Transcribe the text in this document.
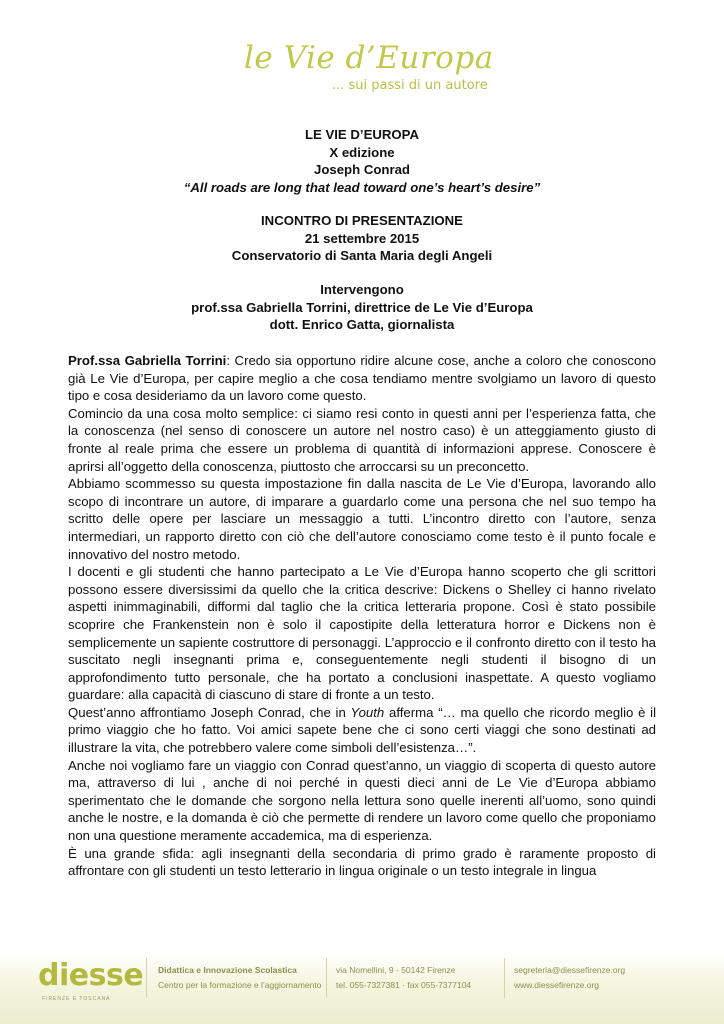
le Vie d’Europa
... sui passi di un autore
LE VIE D’EUROPA
X edizione
Joseph Conrad
“All roads are long that lead toward one’s heart’s desire”
INCONTRO DI PRESENTAZIONE
21 settembre 2015
Conservatorio di Santa Maria degli Angeli
Intervengono
prof.ssa Gabriella Torrini, direttrice de Le Vie d’Europa
dott. Enrico Gatta, giornalista

Prof.ssa Gabriella Torrini: Credo sia opportuno ridire alcune cose, anche a coloro che conoscono già Le Vie d’Europa, per capire meglio a che cosa tendiamo mentre svolgiamo un lavoro di questo tipo e cosa desideriamo da un lavoro come questo.

Comincio da una cosa molto semplice: ci siamo resi conto in questi anni per l’esperienza fatta, che la conoscenza (nel senso di conoscere un autore nel nostro caso) è un atteggiamento giusto di fronte al reale prima che essere un problema di quantità di informazioni apprese. Conoscere è aprirsi all’oggetto della conoscenza, piuttosto che arroccarsi su un preconcetto.

Abbiamo scommesso su questa impostazione fin dalla nascita de Le Vie d’Europa, lavorando allo scopo di incontrare un autore, di imparare a guardarlo come una persona che nel suo tempo ha scritto delle opere per lasciare un messaggio a tutti. L’incontro diretto con l’autore, senza intermediari, un rapporto diretto con ciò che dell’autore conosciamo come testo è il punto focale e innovativo del nostro metodo.

I docenti e gli studenti che hanno partecipato a Le Vie d’Europa hanno scoperto che gli scrittori possono essere diversissimi da quello che la critica descrive: Dickens o Shelley ci hanno rivelato aspetti inimmaginabili, difformi dal taglio che la critica letteraria propone. Così è stato possibile scoprire che Frankenstein non è solo il capostipite della letteratura horror e Dickens non è semplicemente un sapiente costruttore di personaggi. L’approccio e il confronto diretto con il testo ha suscitato negli insegnanti prima e, conseguentemente negli studenti il bisogno di un approfondimento tutto personale, che ha portato a conclusioni inaspettate. A questo vogliamo guardare: alla capacità di ciascuno di stare di fronte a un testo.

Quest’anno affrontiamo Joseph Conrad, che in Youth afferma “… ma quello che ricordo meglio è il primo viaggio che ho fatto. Voi amici sapete bene che ci sono certi viaggi che sono destinati ad illustrare la vita, che potrebbero valere come simboli dell’esistenza…”.

Anche noi vogliamo fare un viaggio con Conrad quest’anno, un viaggio di scoperta di questo autore ma, attraverso di lui , anche di noi perché in questi dieci anni de Le Vie d’Europa abbiamo sperimentato che le domande che sorgono nella lettura sono quelle inerenti all’uomo, sono quindi anche le nostre, e la domanda è ciò che permette di rendere un lavoro come quello che proponiamo non una questione meramente accademica, ma di esperienza.

È una grande sfida: agli insegnanti della secondaria di primo grado è raramente proposto di affrontare con gli studenti un testo letterario in lingua originale o un testo integrale in lingua

diesse
FIRENZE E TOSCANA
Didattica e Innovazione Scolastica
Centro per la formazione e l’aggiornamento
via Nomellini, 9 - 50142 Firenze
tel. 055-7327381 · fax 055-7377104
segreteria@diessefirenze.org
www.diessefirenze.org
